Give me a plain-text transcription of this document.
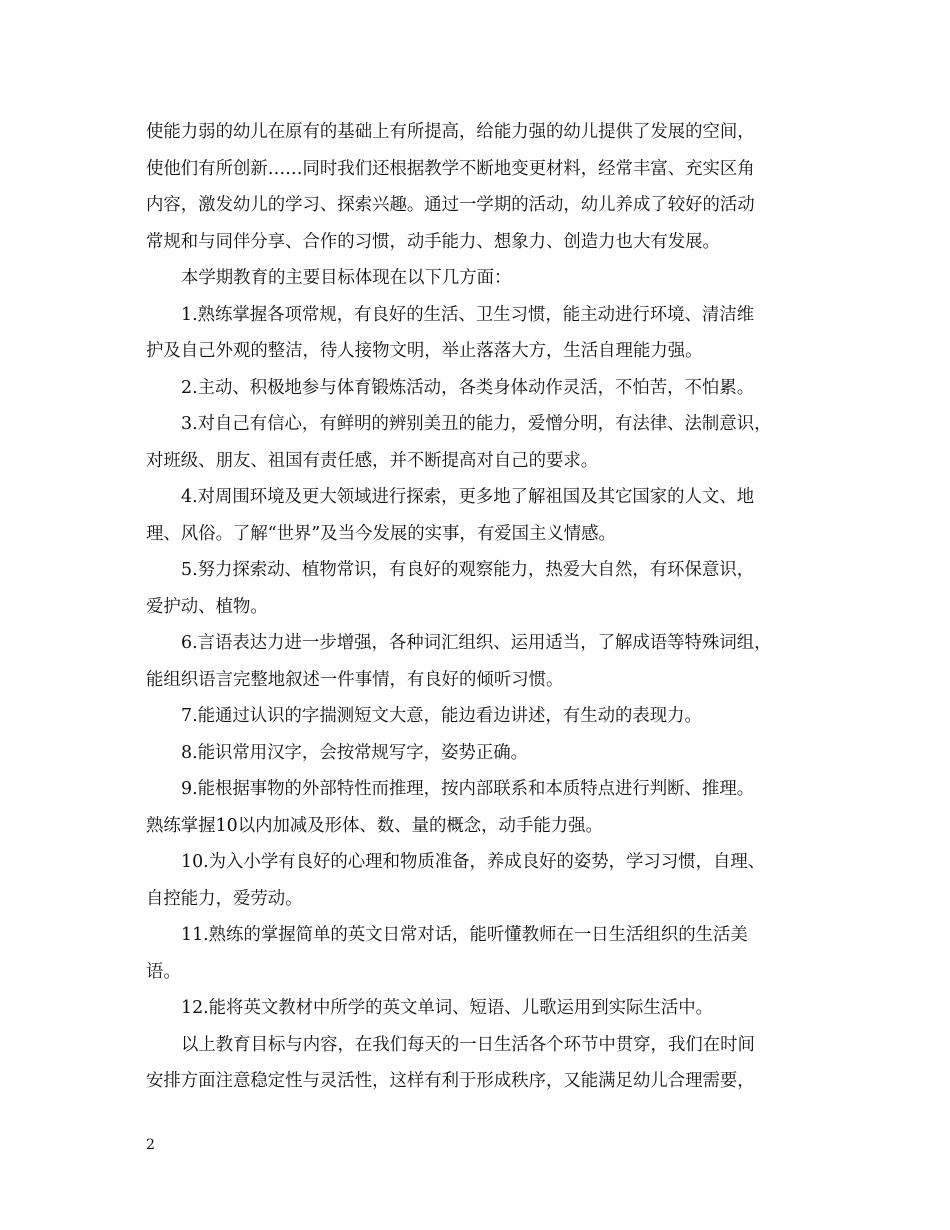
使能力弱的幼儿在原有的基础上有所提高，给能力强的幼儿提供了发展的空间，
使他们有所创新……同时我们还根据教学不断地变更材料，经常丰富、充实区角
内容，激发幼儿的学习、探索兴趣。通过一学期的活动，幼儿养成了较好的活动
常规和与同伴分享、合作的习惯，动手能力、想象力、创造力也大有发展。
本学期教育的主要目标体现在以下几方面：
1.熟练掌握各项常规，有良好的生活、卫生习惯，能主动进行环境、清洁维
护及自己外观的整洁，待人接物文明，举止落落大方，生活自理能力强。
2.主动、积极地参与体育锻炼活动，各类身体动作灵活，不怕苦，不怕累。
3.对自己有信心，有鲜明的辨别美丑的能力，爱憎分明，有法律、法制意识，
对班级、朋友、祖国有责任感，并不断提高对自己的要求。
4.对周围环境及更大领域进行探索，更多地了解祖国及其它国家的人文、地
理、风俗。了解“世界”及当今发展的实事，有爱国主义情感。
5.努力探索动、植物常识，有良好的观察能力，热爱大自然，有环保意识，
爱护动、植物。
6.言语表达力进一步增强，各种词汇组织、运用适当，了解成语等特殊词组，
能组织语言完整地叙述一件事情，有良好的倾听习惯。
7.能通过认识的字揣测短文大意，能边看边讲述，有生动的表现力。
8.能识常用汉字，会按常规写字，姿势正确。
9.能根据事物的外部特性而推理，按内部联系和本质特点进行判断、推理。
熟练掌握10以内加减及形体、数、量的概念，动手能力强。
10.为入小学有良好的心理和物质准备，养成良好的姿势，学习习惯，自理、
自控能力，爱劳动。
11.熟练的掌握简单的英文日常对话，能听懂教师在一日生活组织的生活美
语。
12.能将英文教材中所学的英文单词、短语、儿歌运用到实际生活中。
以上教育目标与内容，在我们每天的一日生活各个环节中贯穿，我们在时间
安排方面注意稳定性与灵活性，这样有利于形成秩序，又能满足幼儿合理需要，
2
